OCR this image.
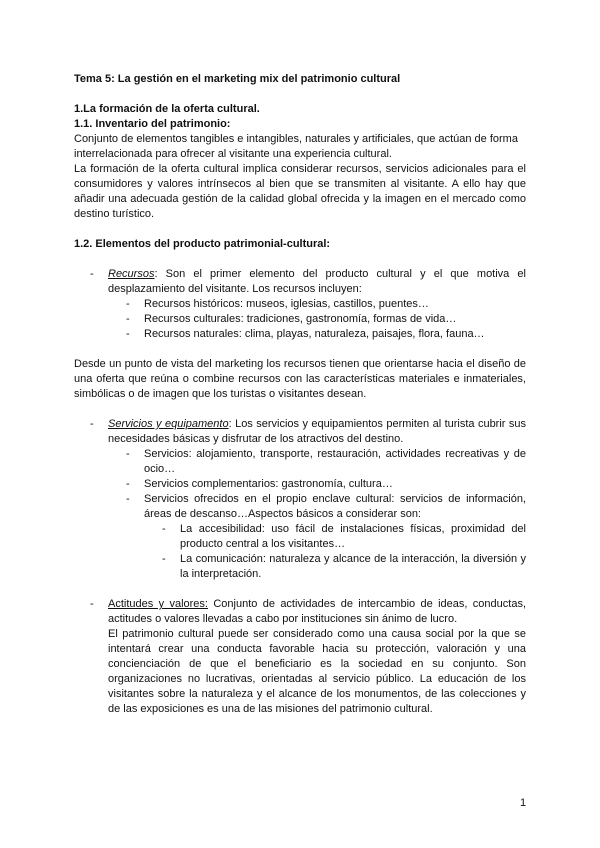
Tema 5: La gestión en el marketing mix del patrimonio cultural

1.La formación de la oferta cultural.

1.1. Inventario del patrimonio:

Conjunto de elementos tangibles e intangibles, naturales y artificiales, que actúan de forma interrelacionada para ofrecer al visitante una experiencia cultural.

La formación de la oferta cultural implica considerar recursos, servicios adicionales para el consumidores y valores intrínsecos al bien que se transmiten al visitante. A ello hay que añadir una adecuada gestión de la calidad global ofrecida y la imagen en el mercado como destino turístico.

1.2. Elementos del producto patrimonial-cultural:

- Recursos: Son el primer elemento del producto cultural y el que motiva el desplazamiento del visitante. Los recursos incluyen:
- Recursos históricos: museos, iglesias, castillos, puentes…
- Recursos culturales: tradiciones, gastronomía, formas de vida…
- Recursos naturales: clima, playas, naturaleza, paisajes, flora, fauna…

Desde un punto de vista del marketing los recursos tienen que orientarse hacia el diseño de una oferta que reúna o combine recursos con las características materiales e inmateriales, simbólicas o de imagen que los turistas o visitantes desean.

- Servicios y equipamento: Los servicios y equipamientos permiten al turista cubrir sus necesidades básicas y disfrutar de los atractivos del destino.
- Servicios: alojamiento, transporte, restauración, actividades recreativas y de ocio…
- Servicios complementarios: gastronomía, cultura…
- Servicios ofrecidos en el propio enclave cultural: servicios de información, áreas de descanso…Aspectos básicos a considerar son:
- La accesibilidad: uso fácil de instalaciones físicas, proximidad del producto central a los visitantes…
- La comunicación: naturaleza y alcance de la interacción, la diversión y la interpretación.
- Actitudes y valores: Conjunto de actividades de intercambio de ideas, conductas, actitudes o valores llevadas a cabo por instituciones sin ánimo de lucro.

El patrimonio cultural puede ser considerado como una causa social por la que se intentará crear una conducta favorable hacia su protección, valoración y una concienciación de que el beneficiario es la sociedad en su conjunto. Son organizaciones no lucrativas, orientadas al servicio público. La educación de los visitantes sobre la naturaleza y el alcance de los monumentos, de las colecciones y de las exposiciones es una de las misiones del patrimonio cultural.

1
